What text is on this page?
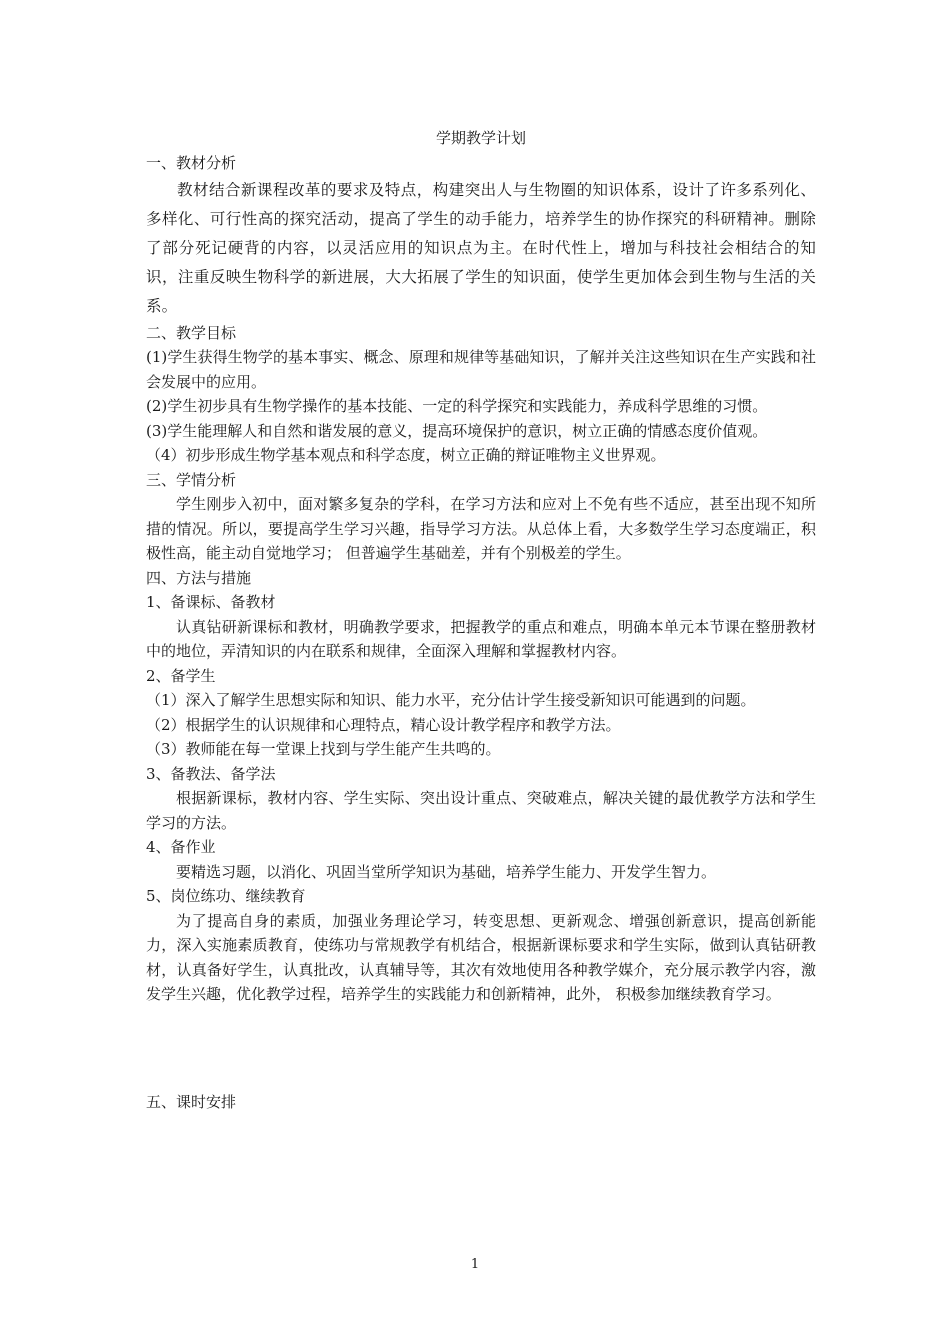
学期教学计划

一、教材分析

教材结合新课程改革的要求及特点，构建突出人与生物圈的知识体系，设计了许多系列化、多样化、可行性高的探究活动，提高了学生的动手能力，培养学生的协作探究的科研精神。删除了部分死记硬背的内容，以灵活应用的知识点为主。在时代性上，增加与科技社会相结合的知识，注重反映生物科学的新进展，大大拓展了学生的知识面，使学生更加体会到生物与生活的关系。

二、教学目标

(1)学生获得生物学的基本事实、概念、原理和规律等基础知识，了解并关注这些知识在生产实践和社会发展中的应用。

(2)学生初步具有生物学操作的基本技能、一定的科学探究和实践能力，养成科学思维的习惯。

(3)学生能理解人和自然和谐发展的意义，提高环境保护的意识，树立正确的情感态度价值观。

（4）初步形成生物学基本观点和科学态度，树立正确的辩证唯物主义世界观。

三、学情分析

学生刚步入初中，面对繁多复杂的学科，在学习方法和应对上不免有些不适应，甚至出现不知所措的情况。所以，要提高学生学习兴趣，指导学习方法。从总体上看，大多数学生学习态度端正，积极性高，能主动自觉地学习； 但普遍学生基础差，并有个别极差的学生。

四、方法与措施

1、备课标、备教材

认真钻研新课标和教材，明确教学要求，把握教学的重点和难点，明确本单元本节课在整册教材中的地位，弄清知识的内在联系和规律，全面深入理解和掌握教材内容。

2、备学生

（1）深入了解学生思想实际和知识、能力水平，充分估计学生接受新知识可能遇到的问题。

（2）根据学生的认识规律和心理特点，精心设计教学程序和教学方法。

（3）教师能在每一堂课上找到与学生能产生共鸣的。

3、备教法、备学法

根据新课标，教材内容、学生实际、突出设计重点、突破难点，解决关键的最优教学方法和学生学习的方法。

4、备作业

要精选习题，以消化、巩固当堂所学知识为基础，培养学生能力、开发学生智力。

5、岗位练功、继续教育

为了提高自身的素质，加强业务理论学习，转变思想、更新观念、增强创新意识，提高创新能力，深入实施素质教育，使练功与常规教学有机结合，根据新课标要求和学生实际，做到认真钻研教材，认真备好学生，认真批改，认真辅导等，其次有效地使用各种教学媒介，充分展示教学内容，激发学生兴趣，优化教学过程，培养学生的实践能力和创新精神，此外， 积极参加继续教育学习。

五、课时安排

1
